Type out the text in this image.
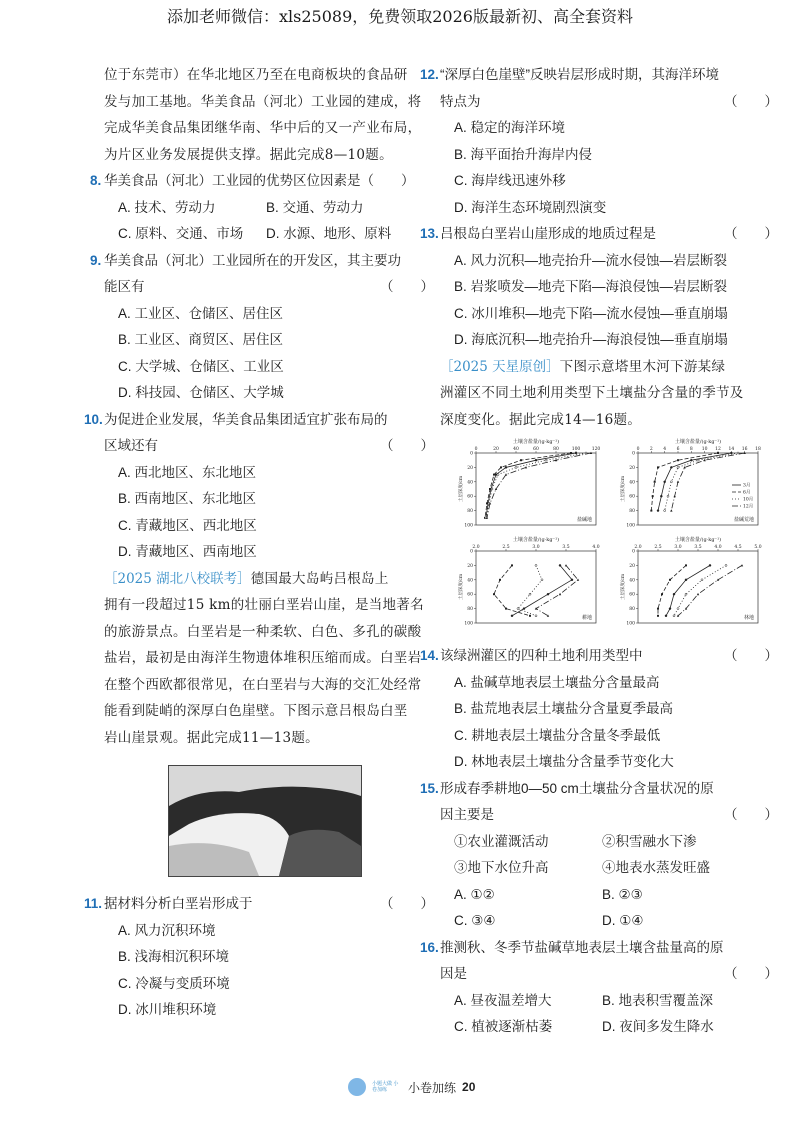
添加老师微信：xls25089，免费领取2026版最新初、高全套资料

位于东莞市）在华北地区乃至在电商板块的食品研

发与加工基地。华美食品（河北）工业园的建成，将

完成华美食品集团继华南、华中后的又一产业布局，

为片区业务发展提供支撑。据此完成8—10题。

8. 华美食品（河北）工业园的优势区位因素是（　　）
A. 技术、劳动力	B. 交通、劳动力
C. 原料、交通、市场	D. 水源、地形、原料
9. 华美食品（河北）工业园所在的开发区，其主要功
能区有	（　　）
A. 工业区、仓储区、居住区
B. 工业区、商贸区、居住区
C. 大学城、仓储区、工业区
D. 科技园、仓储区、大学城
10. 为促进企业发展，华美食品集团适宜扩张布局的
区域还有	（　　）
A. 西北地区、东北地区
B. 西南地区、东北地区
C. 青藏地区、西北地区
D. 青藏地区、西南地区

［2025 湖北八校联考］德国最大岛屿吕根岛上

拥有一段超过15 km的壮丽白垩岩山崖，是当地著名

的旅游景点。白垩岩是一种柔软、白色、多孔的碳酸

盐岩，最初是由海洋生物遗体堆积压缩而成。白垩岩

在整个西欧都很常见，在白垩岩与大海的交汇处经常

能看到陡峭的深厚白色崖壁。下图示意吕根岛白垩

岩山崖景观。据此完成11—13题。

11. 据材料分析白垩岩形成于	（　　）
A. 风力沉积环境
B. 浅海相沉积环境
C. 冷凝与变质环境
D. 冰川堆积环境
12. “深厚白色崖壁”反映岩层形成时期，其海洋环境
特点为	（　　）
A. 稳定的海洋环境
B. 海平面抬升海岸内侵
C. 海岸线迅速外移
D. 海洋生态环境剧烈演变
13. 吕根岛白垩岩山崖形成的地质过程是	（　　）
A. 风力沉积—地壳抬升—流水侵蚀—岩层断裂
B. 岩浆喷发—地壳下陷—海浪侵蚀—岩层断裂
C. 冰川堆积—地壳下陷—流水侵蚀—垂直崩塌
D. 海底沉积—地壳抬升—海浪侵蚀—垂直崩塌

［2025 天星原创］下图示意塔里木河下游某绿

洲灌区不同土地利用类型下土壤盐分含量的季节及

深度变化。据此完成14—16题。

土壤含盐量/(g·kg⁻¹)
0	20	40	60	80	100	120
0
20
40
60
80
100
土层深度/cm
盐碱地
土壤含盐量/(g·kg⁻¹)
0 2 4 6 8 10 12 14 16 18
0
20
40
60
80
100
土层深度/cm
盐碱荒地
土壤含盐量/(g·kg⁻¹)
2.0	2.5	3.0	3.5	4.0
0
20
40
60
80
100
土层深度/cm
耕地
土壤含盐量/(g·kg⁻¹)
2.0	2.5	3.0	3.5	4.0	4.5	5.0
0
20
40
60
80
100
土层深度/cm
林地
3月
6月
10月
12月
14. 该绿洲灌区的四种土地利用类型中	（　　）
A. 盐碱草地表层土壤盐分含量最高
B. 盐荒地表层土壤盐分含量夏季最高
C. 耕地表层土壤盐分含量冬季最低
D. 林地表层土壤盐分含量季节变化大
15. 形成春季耕地0—50 cm土壤盐分含量状况的原
因主要是	（　　）
①农业灌溉活动	②积雪融水下渗
③地下水位升高	④地表水蒸发旺盛
A. ①②	B. ②③
C. ③④	D. ①④
16. 推测秋、冬季节盐碱草地表层土壤含盐量高的原
因是	（　　）
A. 昼夜温差增大	B. 地表积雪覆盖深
C. 植被逐渐枯萎	D. 夜间多发生降水
小题大做 小卷加练	小卷加练 20
